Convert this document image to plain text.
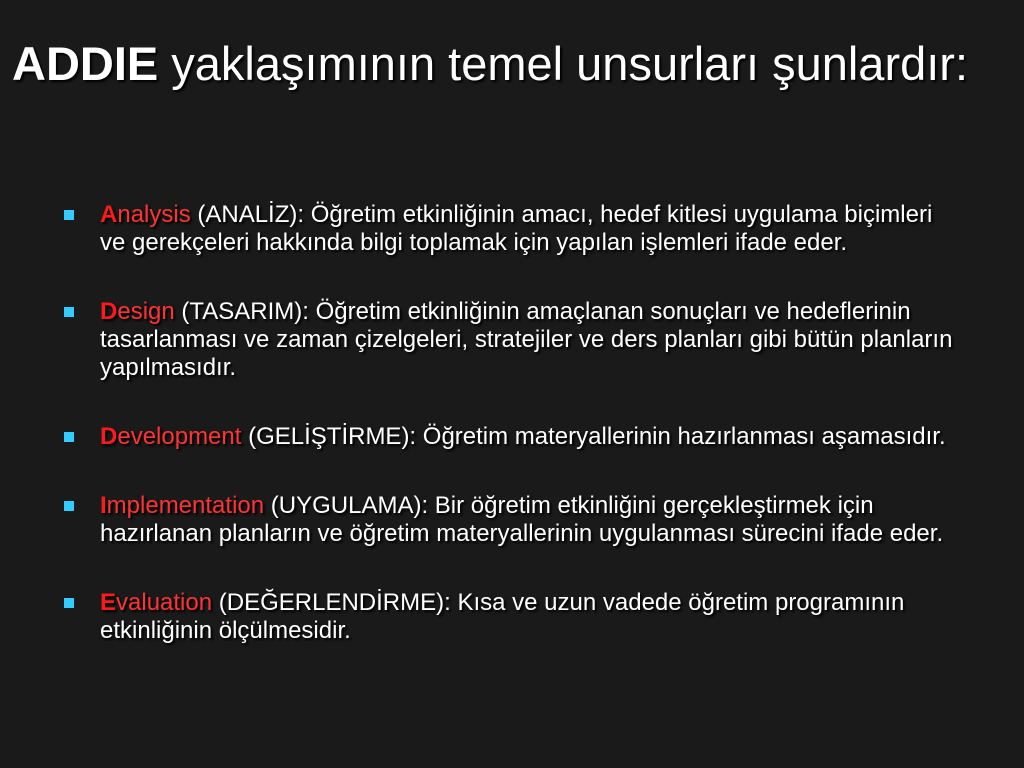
ADDIE yaklaşımının temel unsurları şunlardır:
Analysis (ANALİZ): Öğretim etkinliğinin amacı, hedef kitlesi uygulama biçimleri ve gerekçeleri hakkında bilgi toplamak için yapılan işlemleri ifade eder.
Design (TASARIM): Öğretim etkinliğinin amaçlanan sonuçları ve hedeflerinin tasarlanması ve zaman çizelgeleri, stratejiler ve ders planları gibi bütün planların yapılmasıdır.
Development (GELİŞTİRME): Öğretim materyallerinin hazırlanması aşamasıdır.
Implementation (UYGULAMA): Bir öğretim etkinliğini gerçekleştirmek için hazırlanan planların ve öğretim materyallerinin uygulanması sürecini ifade eder.
Evaluation (DEĞERLENDİRME): Kısa ve uzun vadede öğretim programının etkinliğinin ölçülmesidir.
